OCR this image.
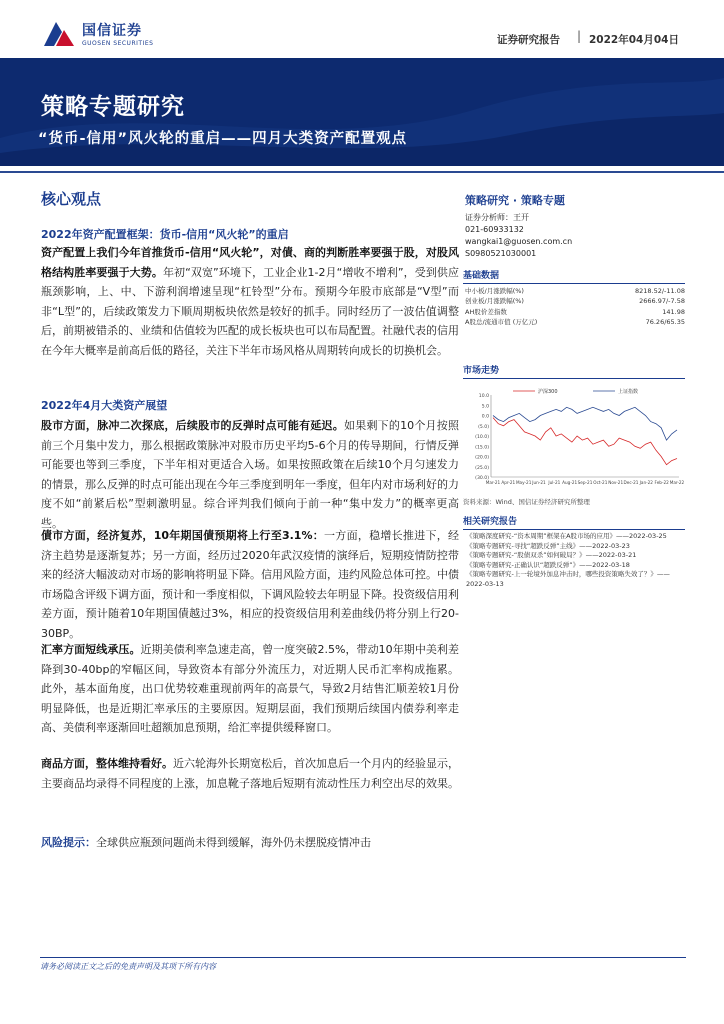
国信证券
GUOSEN SECURITIES	证券研究报告 | 2022年04月04日
策略专题研究
“货币-信用”风火轮的重启——四月大类资产配置观点
核心观点
2022年资产配置框架：货币-信用“风火轮”的重启
资产配置上我们今年首推货币-信用“风火轮”，对債、商的判断胜率要强于股，对股风格结构胜率要强于大势。年初“双宽”环境下，工业企业1-2月“增收不增利”，受到供应瓶颈影响，上、中、下游利润增速呈现“杠铃型”分布。预期今年股市底部是“V型”而非“L型”的，后续政策发力下顺周期板块依然是较好的抓手。同时经历了一波估值调整后，前期被错杀的、业绩和估值较为匹配的成长板块也可以布局配置。社融代表的信用在今年大概率是前高后低的路径，关注下半年市场风格从周期转向成长的切换机会。
2022年4月大类资产展望
股市方面，脉冲二次探底，后续股市的反弹时点可能有延迟。如果剩下的10个月按照前三个月集中发力，那么根据政策脉冲对股市历史平均5-6个月的传导期间，行情反弹可能要也等到三季度，下半年相对更适合入场。如果按照政策在后续10个月匀速发力的情景，那么反弹的时点可能出现在今年三季度到明年一季度，但年内对市场利好的力度不如“前紧后松”型刺激明显。综合评判我们倾向于前一种“集中发力”的概率更高些。
債市方面，经济复苏，10年期国債预期将上行至3.1%：一方面，稳增长推进下，经济主趋势是逐渐复苏；另一方面，经历过2020年武汉疫情的演绎后，短期疫情防控带来的经济大幅波动对市场的影响将明显下降。信用风险方面，违约风险总体可控。中债市场隐含评级下调方面，预计和一季度相似，下调风险较去年明显下降。投资级信用利差方面，预计随着10年期国債越过3%，相应的投资级信用利差曲线仍将分别上行20-30BP。
汇率方面短线承压。近期美债利率急速走高，曾一度突破2.5%，带动10年期中美利差降到30-40bp的窄幅区间，导致资本有部分外流压力，对近期人民币汇率构成拖累。此外，基本面角度，出口优势较难重现前两年的高景气，导致2月结售汇顺差较1月份明显降低，也是近期汇率承压的主要原因。短期层面，我们预期后续国内债券利率走高、美债利率逐渐回吐超额加息预期，给汇率提供缓释窗口。
商品方面，整体维持看好。近六轮海外长期宽松后，首次加息后一个月内的经验显示，主要商品均录得不同程度的上涨，加息靴子落地后短期有流动性压力利空出尽的效果。
风险提示：全球供应瓶颈问题尚未得到缓解，海外仍未摆脱疫情冲击
策略研究 · 策略专题
证券分析师：王开
021-60933132
wangkai1@guosen.com.cn
S0980521030001
基础数据
中小板/月涨跌幅(%)	8218.52/-11.08
创业板/月涨跌幅(%)	2666.97/-7.58
AH股价差指数	141.98
A股总/流通市值 (万亿元)	76.26/65.35
市场走势
10.0
5.0
0.0
(5.0)
(10.0)
(15.0)
(20.0)
(25.0)
(30.0)
Mar-21 Apr-21 May-21 Jun-21 Jul-21 Aug-21 Sep-21 Oct-21 Nov-21 Dec-21 Jan-22 Feb-22 Mar-22
沪深300	上证指数
资料来源：Wind、国信证券经济研究所整理
相关研究报告
《策略深度研究-“资本周期”框架在A股市场的应用》——2022-03-25
《策略专题研究-寻找“超跌反弹”主线》——2022-03-23
《策略专题研究-“股债双杀”如何破局？》——2022-03-21
《策略专题研究-正确认识“超跌反弹”》——2022-03-18
《策略专题研究-上一轮境外加息冲击时，哪些投资策略失效了？》——2022-03-13
请务必阅读正文之后的免责声明及其项下所有内容
